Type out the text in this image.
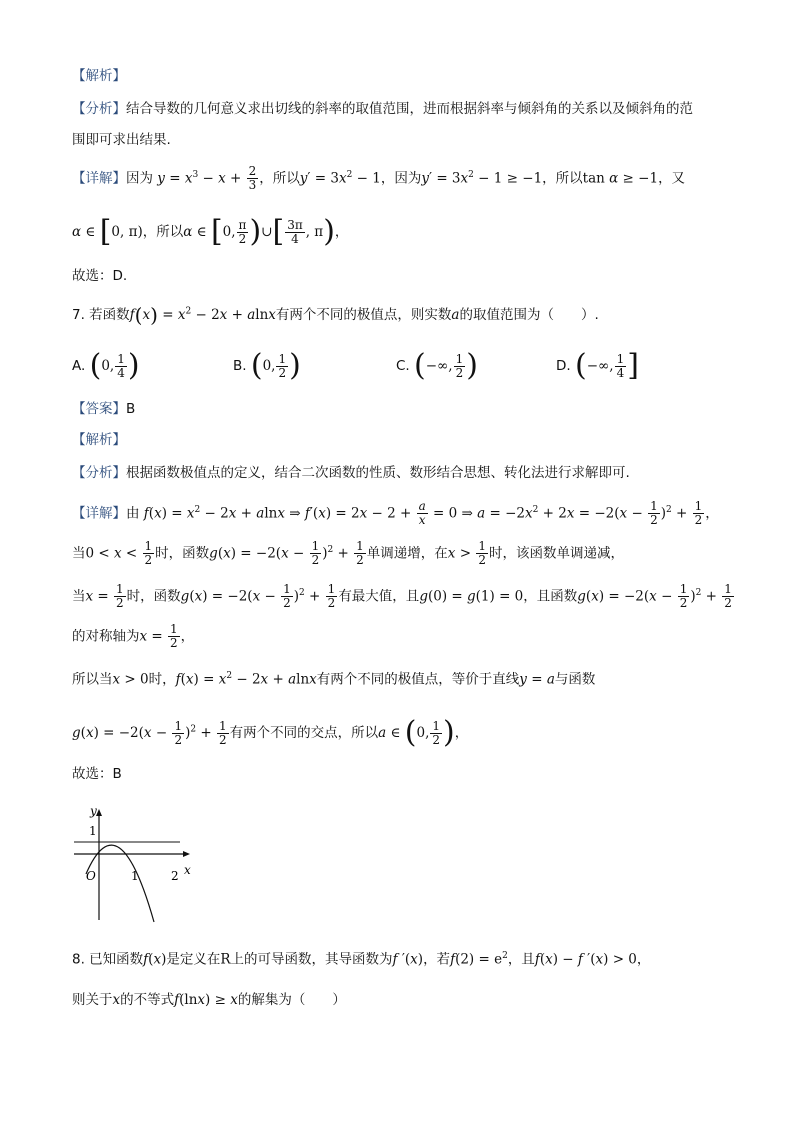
【解析】
【分析】结合导数的几何意义求出切线的斜率的取值范围，进而根据斜率与倾斜角的关系以及倾斜角的范
围即可求出结果.
【详解】因为 $y = x^3 - x + \frac{2}{3}$ ，所以$y' = 3x^2 - 1$，因为$y' = 3x^2 - 1 \ge -1$，所以tan α ≥ −1，又
α ∈ [0, π)，所以α ∈ [0, $\frac{\pi}{2}$ )∪[ $\frac{3\pi}{4}$ , π)，
故选：D.
7. 若函数$f(x) = x^2 - 2x + alnx$有两个不同的极值点，则实数a的取值范围为（　　）.
A. (0, $\frac{1}{4}$ )	B. (0, $\frac{1}{2}$ )	C. (−∞, $\frac{1}{2}$ )	D. (−∞, $\frac{1}{4}$ ]
【答案】B
【解析】
【分析】根据函数极值点的定义，结合二次函数的性质、数形结合思想、转化法进行求解即可.
【详解】由 $f(x) = x^2 - 2x + alnx$ ⇒ $f'(x) = 2x - 2 + \frac{a}{x} = 0$ ⇒ $a = -2x^2 + 2x = -2(x - \frac{1}{2} )^2 + \frac{1}{2}$ ，
当$0 < x < \frac{1}{2}$ 时，函数$g(x) = -2(x - \frac{1}{2} )^2 + \frac{1}{2}$ 单调递增，在$x > \frac{1}{2}$ 时，该函数单调递减，
当$x = \frac{1}{2}$ 时，函数$g(x) = -2(x - \frac{1}{2} )^2 + \frac{1}{2}$ 有最大值，且g(0) = g(1) = 0，且函数$g(x) = -2(x - \frac{1}{2} )^2 + \frac{1}{2}$
的对称轴为$x = \frac{1}{2}$ ，
所以当x > 0时，$f(x) = x^2 - 2x + alnx$有两个不同的极值点，等价于直线y = a与函数
$g(x) = -2(x - \frac{1}{2} )^2 + \frac{1}{2}$ 有两个不同的交点，所以a ∈ (0, $\frac{1}{2}$ )，
故选：B
y
x
O	1	2
1
8. 已知函数f(x)是定义在R上的可导函数，其导函数为f ′(x)，若$f(2) = e^2$，且f(x) − f ′(x) > 0，
则关于x的不等式f(lnx) ≥ x的解集为（　　）
